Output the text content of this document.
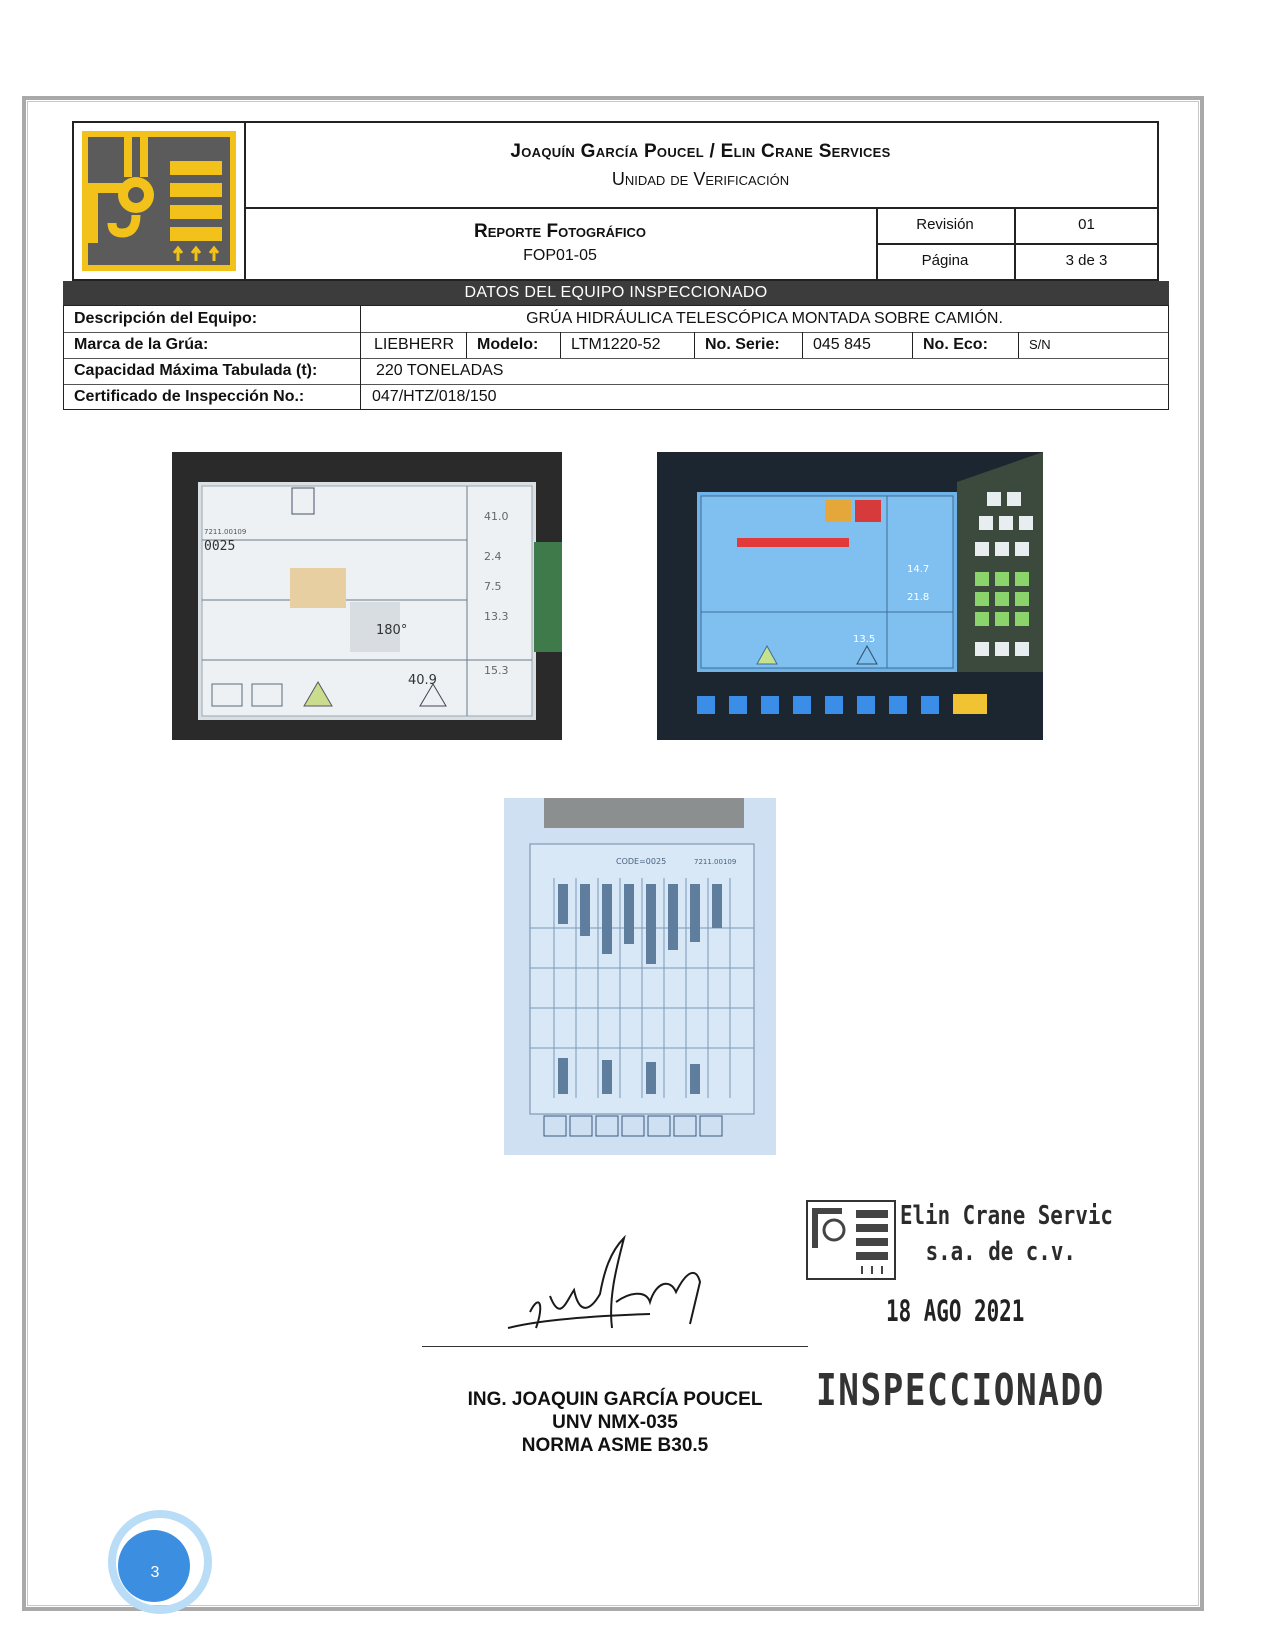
Joaquín García Poucel / Elin Crane Services
Unidad de Verificación
Reporte Fotográfico
FOP01-05
Revisión	01
Página	3 de 3
DATOS DEL EQUIPO INSPECCIONADO
Descripción del Equipo:	GRÚA HIDRÁULICA TELESCÓPICA MONTADA SOBRE CAMIÓN.
Marca de la Grúa:	LIEBHERR	Modelo:	LTM1220-52	No. Serie:	045 845	No. Eco:	S/N
Capacidad Máxima Tabulada (t):	220 TONELADAS
Certificado de Inspección No.:	047/HTZ/018/150
0025
7211.00109
180°
40.9
41.0
2.4
7.5
13.3
15.3
14.7
21.8
13.5
CODE=0025	7211.00109
ING. JOAQUIN GARCÍA POUCEL
UNV NMX-035
NORMA ASME B30.5
Elin Crane Servic
s.a. de c.v.
18 AGO 2021
INSPECCIONADO
3
